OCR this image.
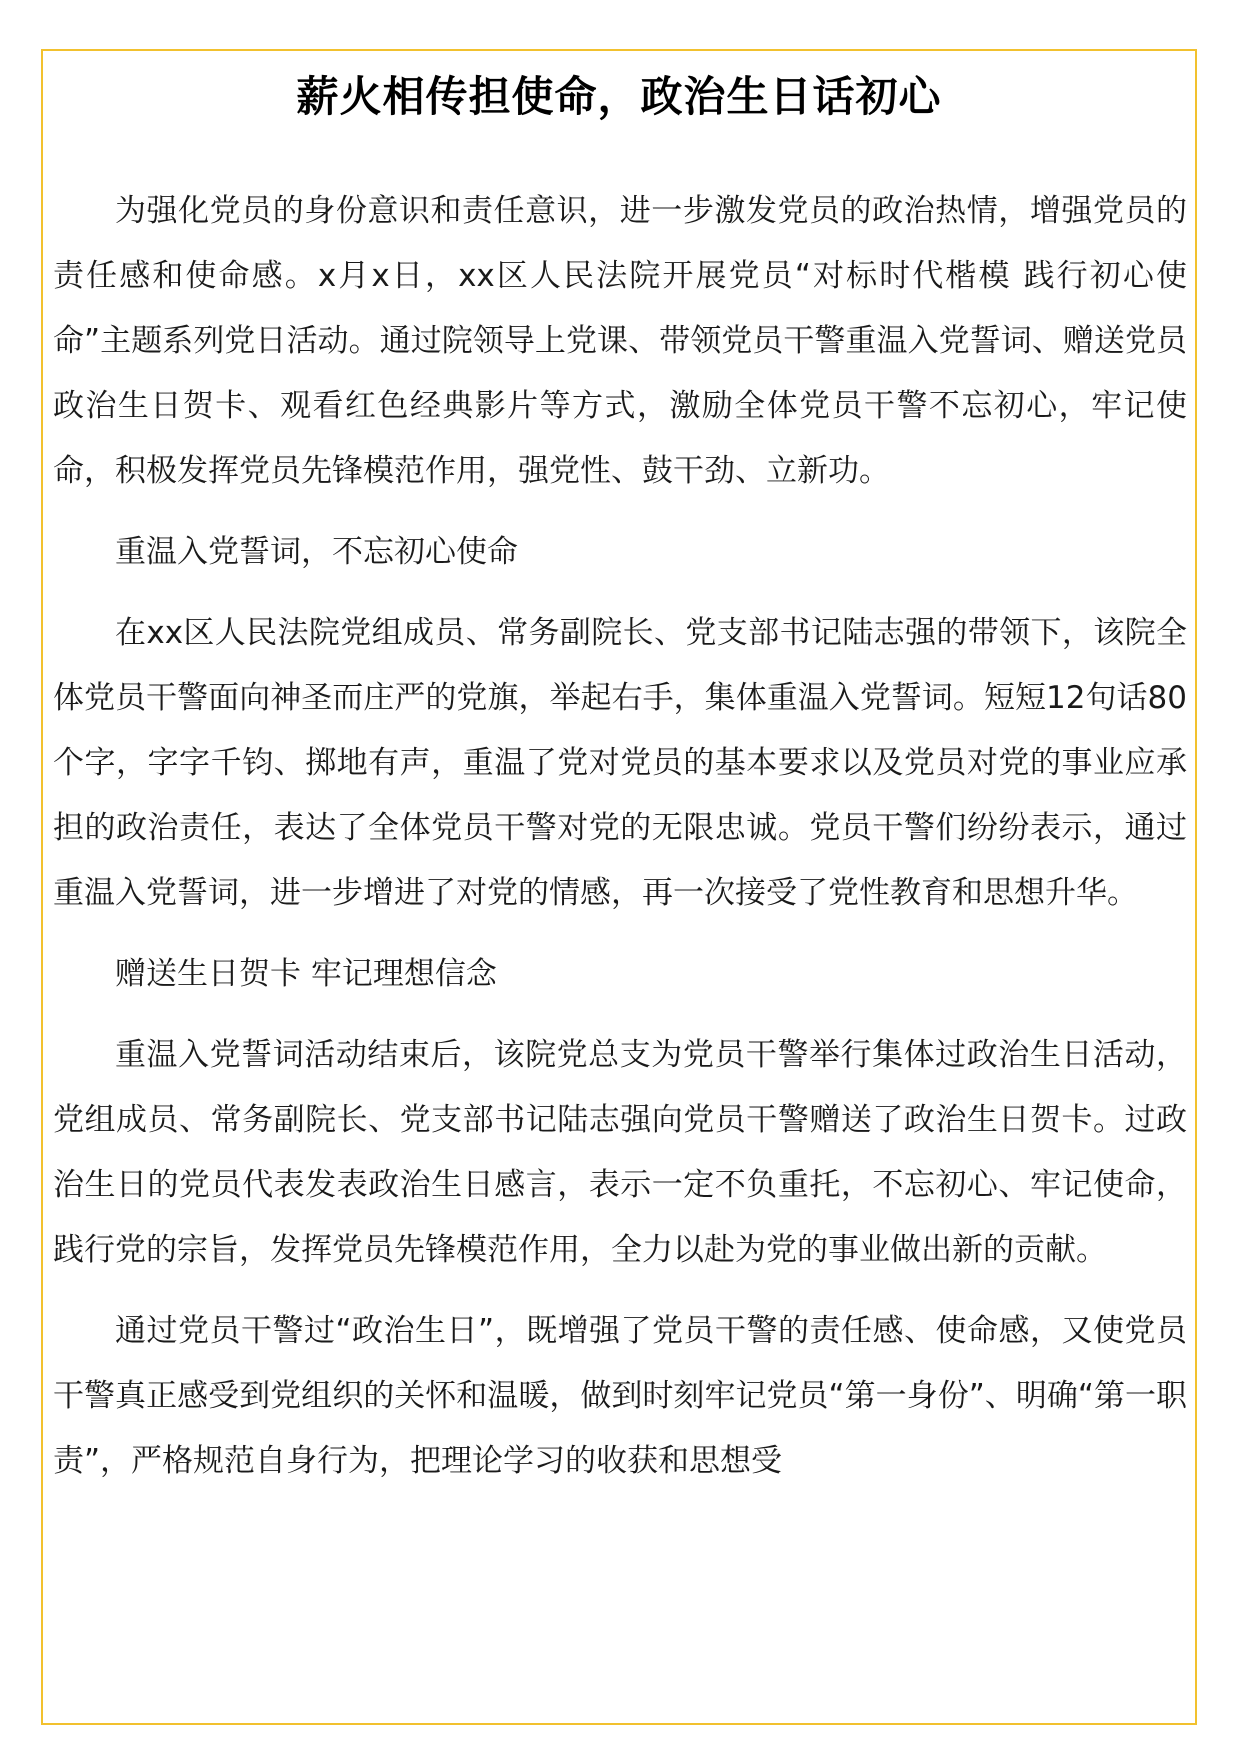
薪火相传担使命，政治生日话初心

为强化党员的身份意识和责任意识，进一步激发党员的政治热情，增强党员的责任感和使命感。x月x日，xx区人民法院开展党员“对标时代楷模 践行初心使命”主题系列党日活动。通过院领导上党课、带领党员干警重温入党誓词、赠送党员政治生日贺卡、观看红色经典影片等方式，激励全体党员干警不忘初心，牢记使命，积极发挥党员先锋模范作用，强党性、鼓干劲、立新功。

重温入党誓词，不忘初心使命

在xx区人民法院党组成员、常务副院长、党支部书记陆志强的带领下，该院全体党员干警面向神圣而庄严的党旗，举起右手，集体重温入党誓词。短短12句话80个字，字字千钧、掷地有声，重温了党对党员的基本要求以及党员对党的事业应承担的政治责任，表达了全体党员干警对党的无限忠诚。党员干警们纷纷表示，通过重温入党誓词，进一步增进了对党的情感，再一次接受了党性教育和思想升华。

赠送生日贺卡 牢记理想信念

重温入党誓词活动结束后，该院党总支为党员干警举行集体过政治生日活动，党组成员、常务副院长、党支部书记陆志强向党员干警赠送了政治生日贺卡。过政治生日的党员代表发表政治生日感言，表示一定不负重托，不忘初心、牢记使命，践行党的宗旨，发挥党员先锋模范作用，全力以赴为党的事业做出新的贡献。

通过党员干警过“政治生日”，既增强了党员干警的责任感、使命感，又使党员干警真正感受到党组织的关怀和温暖，做到时刻牢记党员“第一身份”、明确“第一职责”，严格规范自身行为，把理论学习的收获和思想受
